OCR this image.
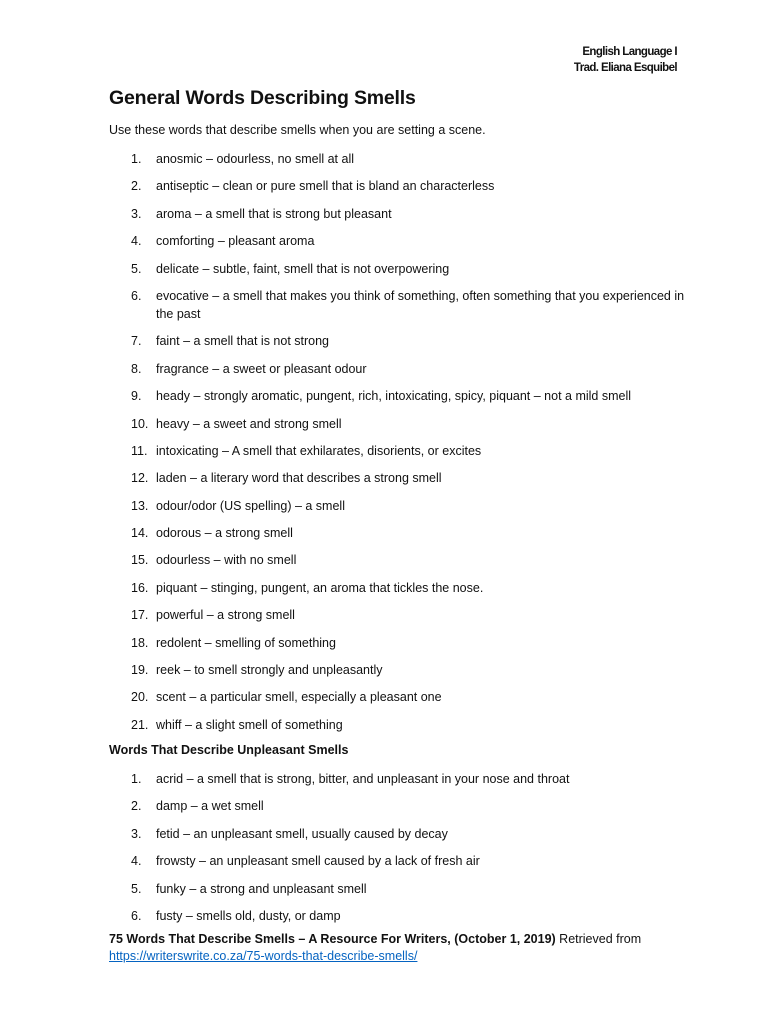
English Language I
Trad. Eliana Esquibel
General Words Describing Smells

Use these words that describe smells when you are setting a scene.

1.	anosmic – odourless, no smell at all
2.	antiseptic – clean or pure smell that is bland an characterless
3.	aroma – a smell that is strong but pleasant
4.	comforting – pleasant aroma
5.	delicate – subtle, faint, smell that is not overpowering
6.	evocative – a smell that makes you think of something, often something that you experienced in the past
7.	faint – a smell that is not strong
8.	fragrance – a sweet or pleasant odour
9.	heady – strongly aromatic, pungent, rich, intoxicating, spicy, piquant – not a mild smell
10. heavy – a sweet and strong smell
11. intoxicating – A smell that exhilarates, disorients, or excites
12. laden – a literary word that describes a strong smell
13. odour/odor (US spelling) – a smell
14. odorous – a strong smell
15. odourless – with no smell
16. piquant – stinging, pungent, an aroma that tickles the nose.
17. powerful – a strong smell
18. redolent – smelling of something
19. reek – to smell strongly and unpleasantly
20. scent – a particular smell, especially a pleasant one
21. whiff – a slight smell of something

Words That Describe Unpleasant Smells

1.	acrid – a smell that is strong, bitter, and unpleasant in your nose and throat
2.	damp – a wet smell
3.	fetid – an unpleasant smell, usually caused by decay
4.	frowsty – an unpleasant smell caused by a lack of fresh air
5.	funky – a strong and unpleasant smell
6.	fusty – smells old, dusty, or damp
75 Words That Describe Smells – A Resource For Writers, (October 1, 2019) Retrieved from
https://writerswrite.co.za/75-words-that-describe-smells/
